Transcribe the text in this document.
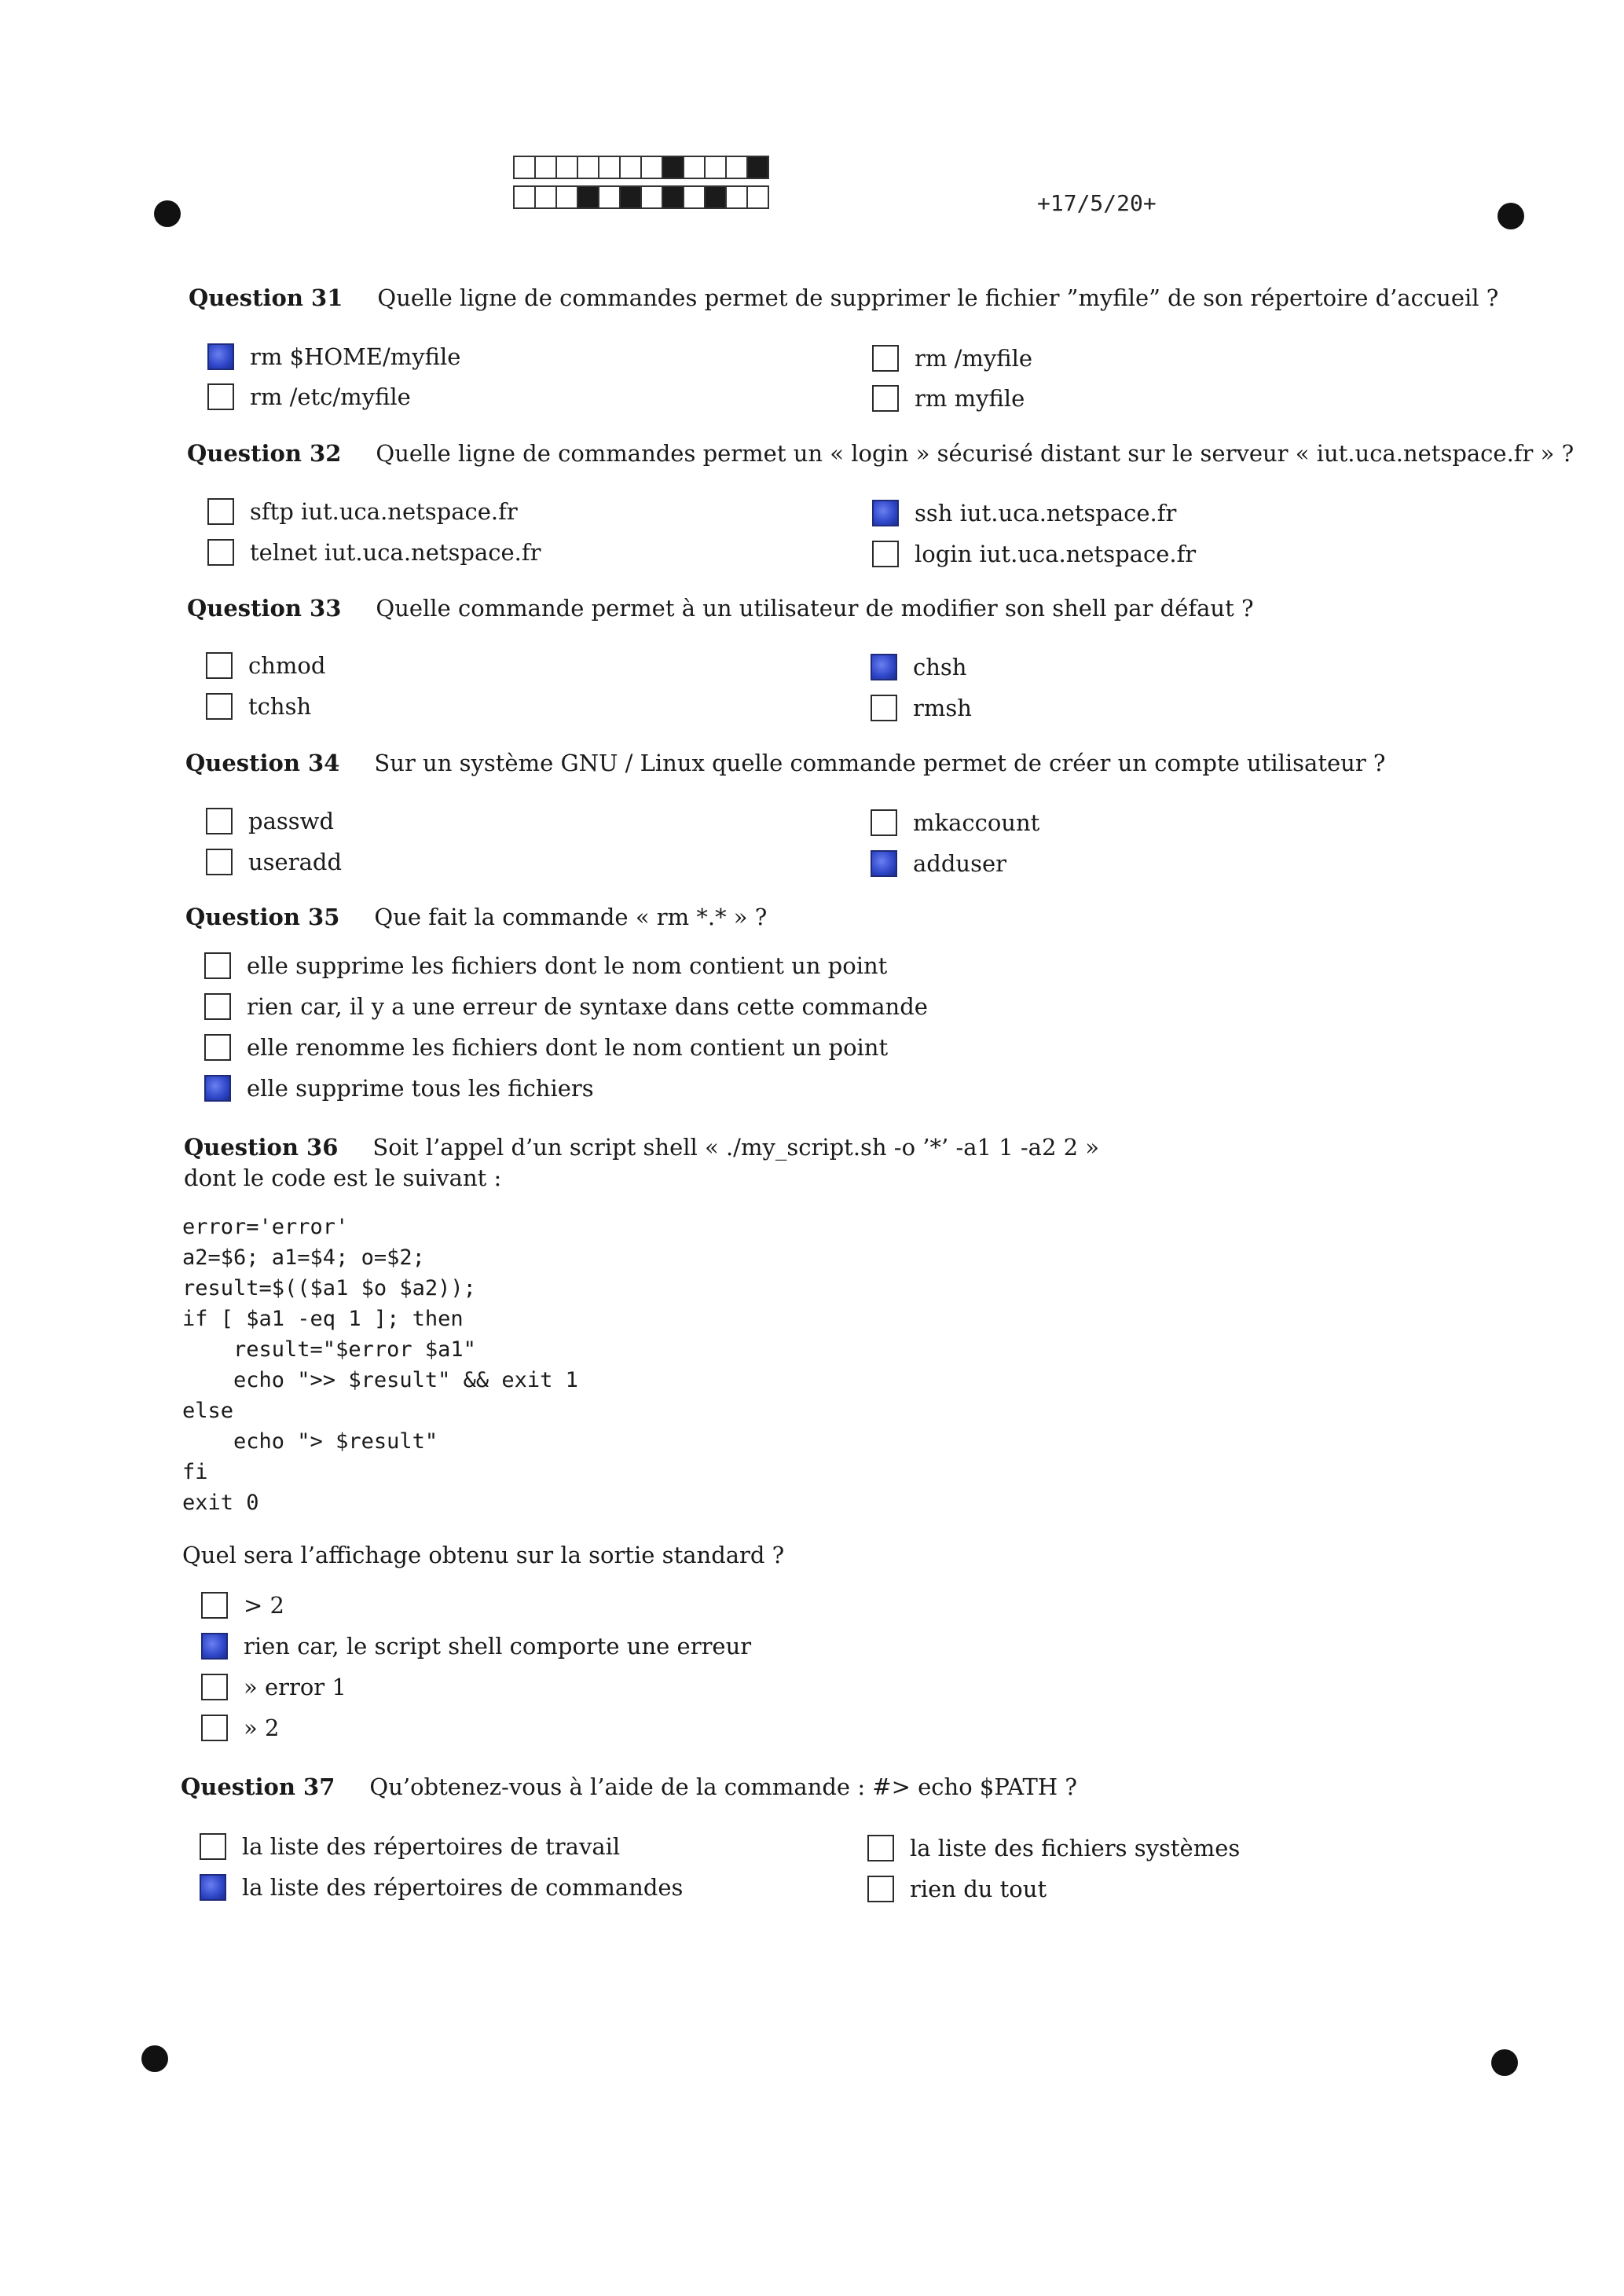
+17/5/20+
Question 31 Quelle ligne de commandes permet de supprimer le fichier ”myfile” de son répertoire d’accueil ?
rm $HOME/myfile
rm /etc/myfile
rm /myfile
rm myfile
Question 32 Quelle ligne de commandes permet un « login » sécurisé distant sur le serveur « iut.uca.netspace.fr » ?
sftp iut.uca.netspace.fr
telnet iut.uca.netspace.fr
ssh iut.uca.netspace.fr
login iut.uca.netspace.fr
Question 33 Quelle commande permet à un utilisateur de modifier son shell par défaut ?
chmod
tchsh
chsh
rmsh
Question 34 Sur un système GNU / Linux quelle commande permet de créer un compte utilisateur ?
passwd
useradd
mkaccount
adduser
Question 35 Que fait la commande « rm *.* » ?
elle supprime les fichiers dont le nom contient un point
rien car, il y a une erreur de syntaxe dans cette commande
elle renomme les fichiers dont le nom contient un point
elle supprime tous les fichiers
Question 36 Soit l’appel d’un script shell « ./my_script.sh -o ’*’ -a1 1 -a2 2 »
dont le code est le suivant :
error='error'
a2=$6; a1=$4; o=$2;
result=$(($a1 $o $a2));
if [ $a1 -eq 1 ]; then
result="$error $a1"
echo ">> $result" && exit 1
else
echo "> $result"
fi
exit 0
Quel sera l’affichage obtenu sur la sortie standard ?
> 2
rien car, le script shell comporte une erreur
» error 1
» 2
Question 37 Qu’obtenez-vous à l’aide de la commande : #> echo $PATH ?
la liste des répertoires de travail
la liste des répertoires de commandes
la liste des fichiers systèmes
rien du tout
